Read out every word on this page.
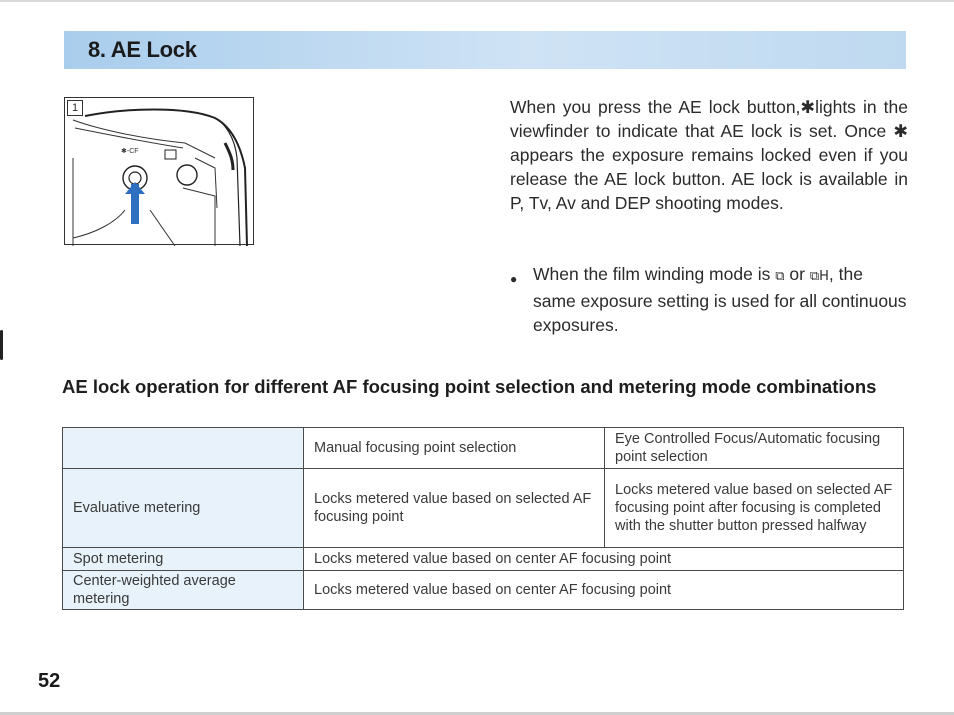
8. AE Lock
1
✱-CF

When you press the AE lock button,✱lights in the viewfinder to indicate that AE lock is set. Once ✱ appears the exposure remains locked even if you release the AE lock button. AE lock is available in P, Tv, Av and DEP shooting modes.

● When the film winding mode is ⧉ or ⧉H, the same exposure setting is used for all continuous exposures.
AE lock operation for different AF focusing point selection and metering mode combinations
	Manual focusing point selection	Eye Controlled Focus/Automatic focusing point selection
Evaluative metering	Locks metered value based on selected AF focusing point	Locks metered value based on selected AF focusing point after focusing is completed with the shutter button pressed halfway
Spot metering	Locks metered value based on center AF focusing point	
Center-weighted average metering	Locks metered value based on center AF focusing point	
52
